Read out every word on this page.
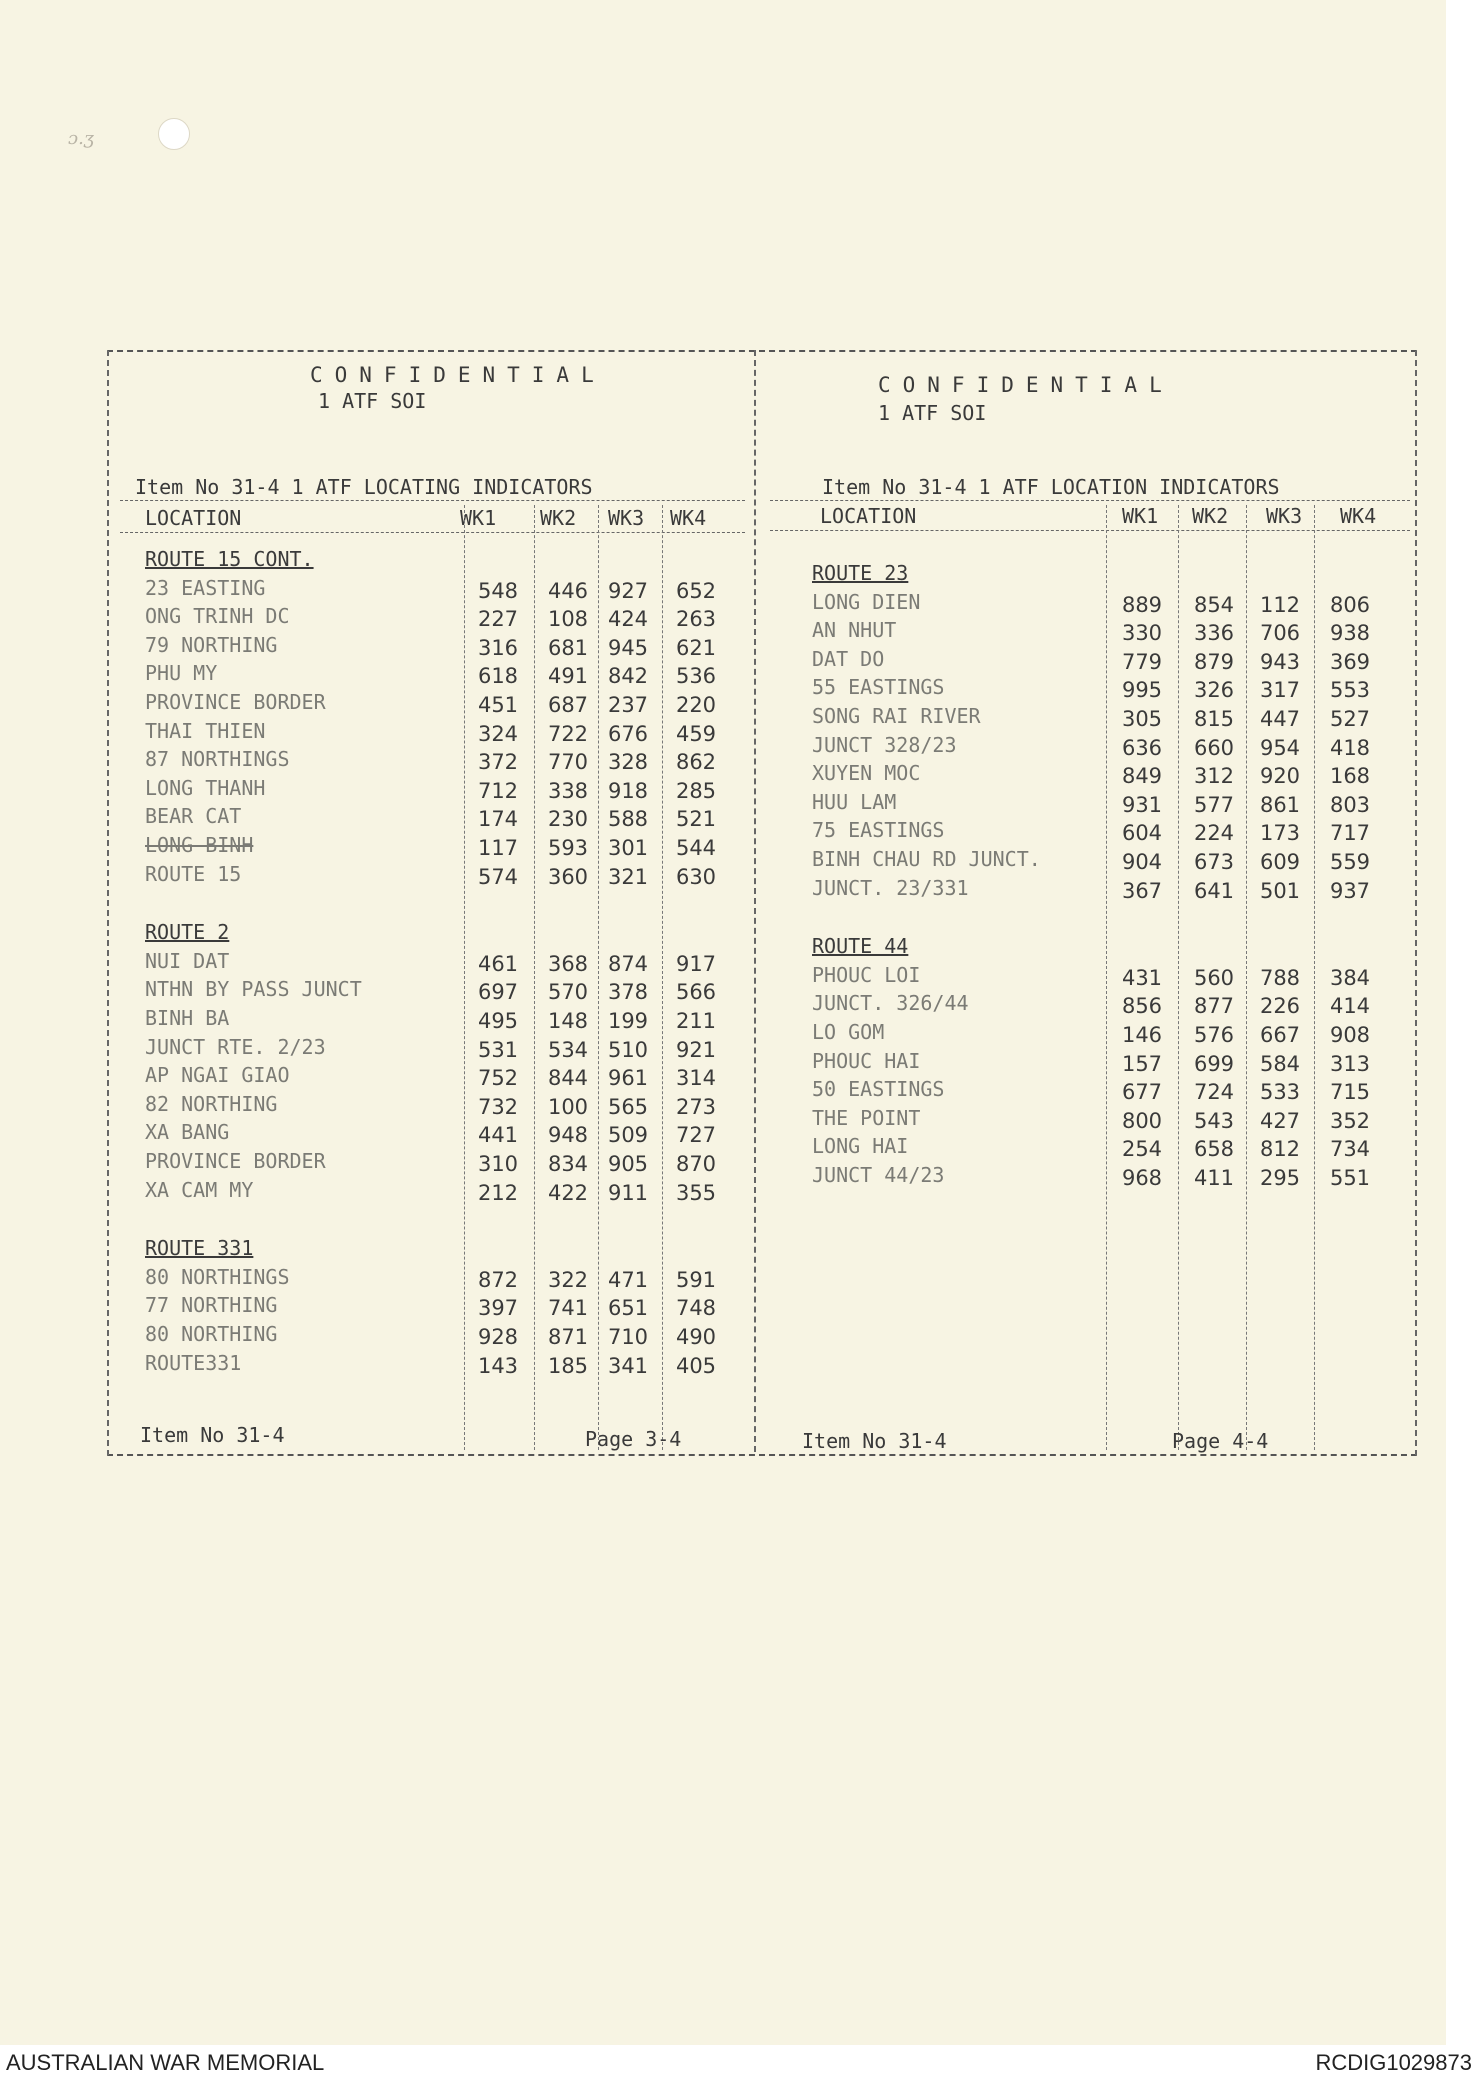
ɔ.ʒ
CONFIDENTIAL
1 ATF SOI
Item No 31-4 1 ATF LOCATING INDICATORS
CONFIDENTIAL
1 ATF SOI
Item No 31-4 1 ATF LOCATION INDICATORS
LOCATION	WK1 WK2 WK3 WK4	LOCATION	WK1 WK2 WK3 WK4
ROUTE 15 CONT.
23 EASTING	548	446 927	652
ONG TRINH DC	227	108 424	263
79 NORTHING	316	681 945	621
PHU MY	618	491 842	536
PROVINCE BORDER	451	687 237	220
THAI THIEN	324	722 676	459
87 NORTHINGS	372	770 328	862
LONG THANH	712	338 918	285
BEAR CAT	174	230 588	521
LONG BINH	117	593 301	544
ROUTE 15	574	360 321	630
ROUTE 2
NUI DAT	461	368 874	917
NTHN BY PASS JUNCT	697	570 378	566
BINH BA	495	148 199	211
JUNCT RTE. 2/23	531	534 510	921
AP NGAI GIAO	752	844 961	314
82 NORTHING	732	100 565	273
XA BANG	441	948 509	727
PROVINCE BORDER	310	834 905	870
XA CAM MY	212	422 911	355
ROUTE 331
80 NORTHINGS	872	322 471	591
77 NORTHING	397	741 651	748
80 NORTHING	928	871 710	490
ROUTE331	143	185 341	405
ROUTE 23
LONG DIEN	889	854	112	806
AN NHUT	330	336	706	938
DAT DO	779	879	943	369
55 EASTINGS	995	326	317	553
SONG RAI RIVER	305	815	447	527
JUNCT 328/23	636	660	954	418
XUYEN MOC	849	312	920	168
HUU LAM	931	577	861	803
75 EASTINGS	604	224	173	717
BINH CHAU RD JUNCT.	904	673	609	559
JUNCT. 23/331	367	641	501	937
ROUTE 44
PHOUC LOI	431	560	788	384
JUNCT. 326/44	856	877	226	414
LO GOM	146	576	667	908
PHOUC HAI	157	699	584	313
50 EASTINGS	677	724	533	715
THE POINT	800	543	427	352
LONG HAI	254	658	812	734
JUNCT 44/23	968	411	295	551
Item No 31-4	Page 3-4	Item No 31-4	Page 4-4
AUSTRALIAN WAR MEMORIAL	RCDIG1029873
